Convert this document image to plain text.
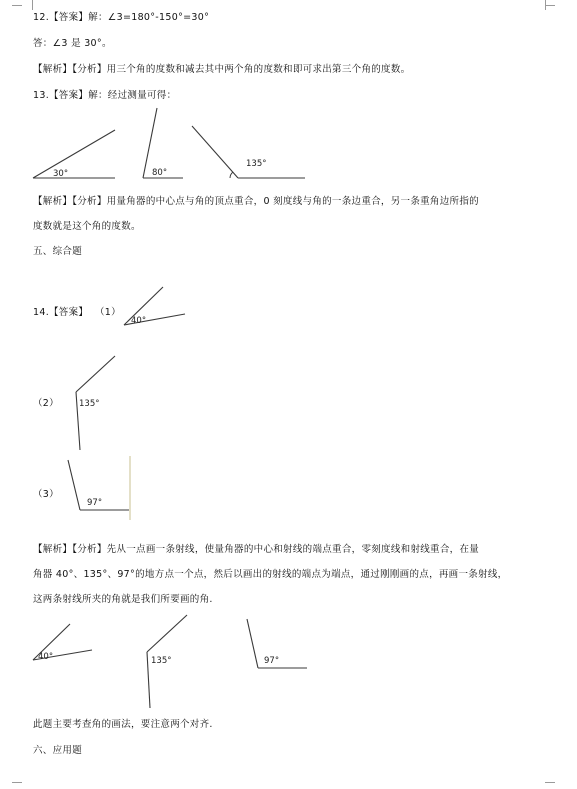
12.【答案】解：∠3=180°-150°=30°
答：∠3 是 30°。
【解析】【分析】用三个角的度数和减去其中两个角的度数和即可求出第三个角的度数。
13.【答案】解：经过测量可得：
30°	80°
135°
【解析】【分析】用量角器的中心点与角的顶点重合，0 刻度线与角的一条边重合，另一条重角边所指的
度数就是这个角的度数。
五、综合题
14.【答案】 （1）
（2）
（3）
40°
135°
97°
【解析】【分析】先从一点画一条射线，使量角器的中心和射线的端点重合，零刻度线和射线重合，在量
角器 40°、135°、97°的地方点一个点，然后以画出的射线的端点为端点，通过刚刚画的点，再画一条射线，
这两条射线所夹的角就是我们所要画的角.
40°	135°	97°
此题主要考查角的画法，要注意两个对齐.
六、应用题
